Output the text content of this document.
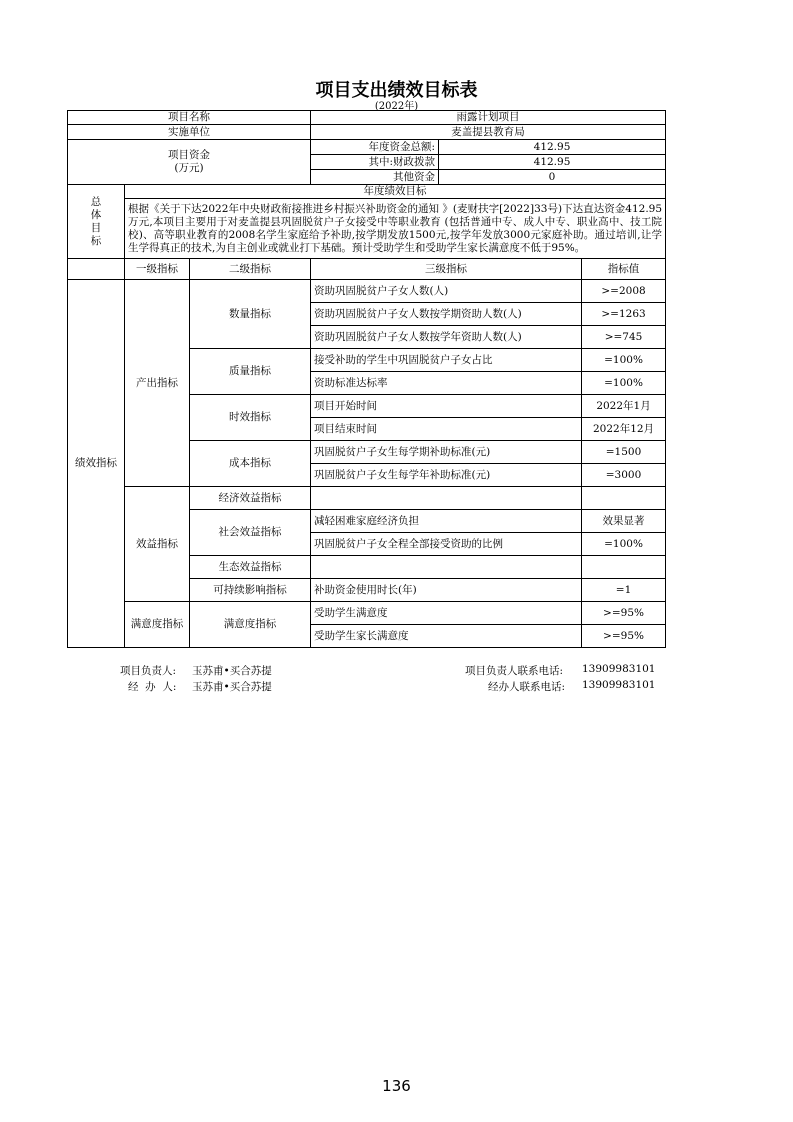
项目支出绩效目标表
(2022年)
项目名称			雨露计划项目		
实施单位			麦盖提县教育局		

项目资金
(万元)			年度资金总额:	412.95	
			其中:财政拨款	412.95	
			其他资金	0	

总
体
目
标	年度绩效目标				
	根据《关于下达2022年中央财政衔接推进乡村振兴补助资金的通知 》(麦财扶字[2022]33号)下达直达资金412.95万元,本项目主要用于对麦盖提县巩固脱贫户子女接受中等职业教育 (包括普通中专、成人中专、职业高中、技工院校)、高等职业教育的2008名学生家庭给予补助,按学期发放1500元,按学年发放3000元家庭补助。通过培训,让学生学得真正的技术,为自主创业或就业打下基础。预计受助学生和受助学生家长满意度不低于95%。				
	一级指标	二级指标	三级指标		指标值
绩效指标	产出指标	数量指标	资助巩固脱贫户子女人数(人)		>=2008
			资助巩固脱贫户子女人数按学期资助人数(人)		>=1263
			资助巩固脱贫户子女人数按学年资助人数(人)		>=745
		质量指标	接受补助的学生中巩固脱贫户子女占比		=100%
			资助标准达标率		=100%
		时效指标	项目开始时间		2022年1月
			项目结束时间		2022年12月
		成本指标	巩固脱贫户子女生每学期补助标准(元)		=1500
			巩固脱贫户子女生每学年补助标准(元)		=3000
	效益指标	经济效益指标			
		社会效益指标	减轻困难家庭经济负担		效果显著
			巩固脱贫户子女全程全部接受资助的比例		=100%
		生态效益指标			
		可持续影响指标	补助资金使用时长(年)		=1
	满意度指标	满意度指标	受助学生满意度		>=95%
			受助学生家长满意度		>=95%
项目负责人: 玉苏甫•买合苏提	项目负责人联系电话: 13909983101
经  办  人: 玉苏甫•买合苏提	经办人联系电话: 13909983101
136
